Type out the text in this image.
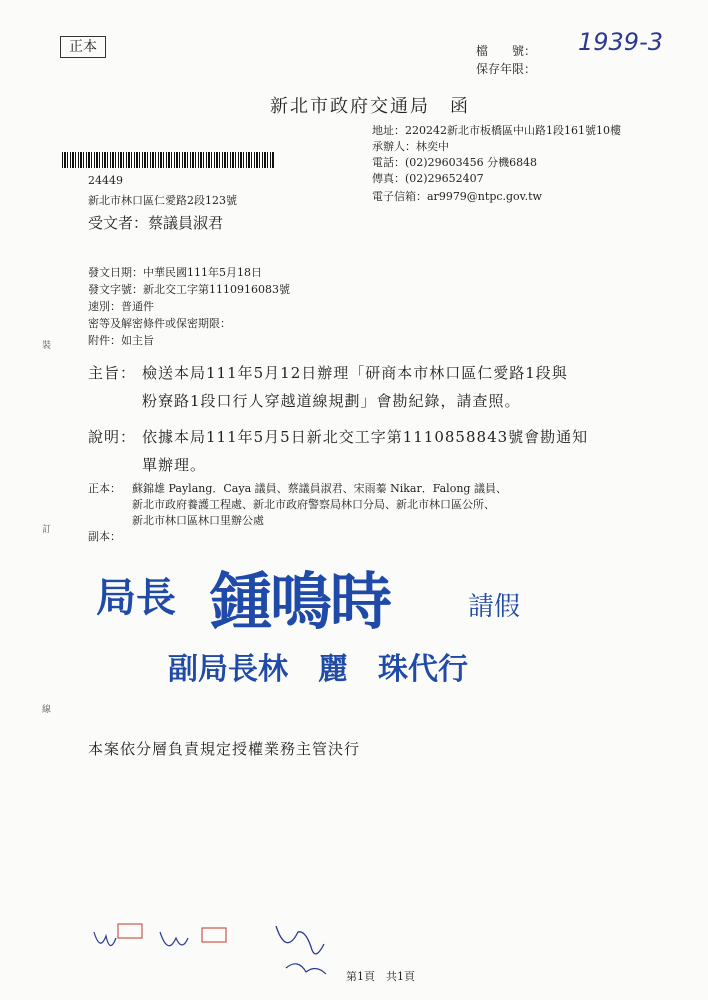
正本	檔　　號：
保存年限：
1939-3
新北市政府交通局　函
地址：220242新北市板橋區中山路1段161號10樓
承辦人：林奕中
電話：(02)29603456 分機6848
傳真：(02)29652407
電子信箱：ar9979@ntpc.gov.tw
24449
新北市林口區仁愛路2段123號
受文者：蔡議員淑君
發文日期：中華民國111年5月18日
發文字號：新北交工字第1110916083號
速別：普通件
密等及解密條件或保密期限：
附件：如主旨
裝
訂
線
主旨： 檢送本局111年5月12日辦理「研商本市林口區仁愛路1段與
粉寮路1段口行人穿越道線規劃」會勘紀錄，請查照。
說明： 依據本局111年5月5日新北交工字第1110858843號會勘通知
單辦理。
正本： 蘇錦雄 Paylang．Caya 議員、蔡議員淑君、宋雨蓁 Nikar．Falong 議員、
新北市政府養護工程處、新北市政府警察局林口分局、新北市林口區公所、
新北市林口區林口里辦公處
副本：
局長 鍾鳴時	請假
副局長林　麗　珠代行
本案依分層負責規定授權業務主管決行
第1頁　共1頁
